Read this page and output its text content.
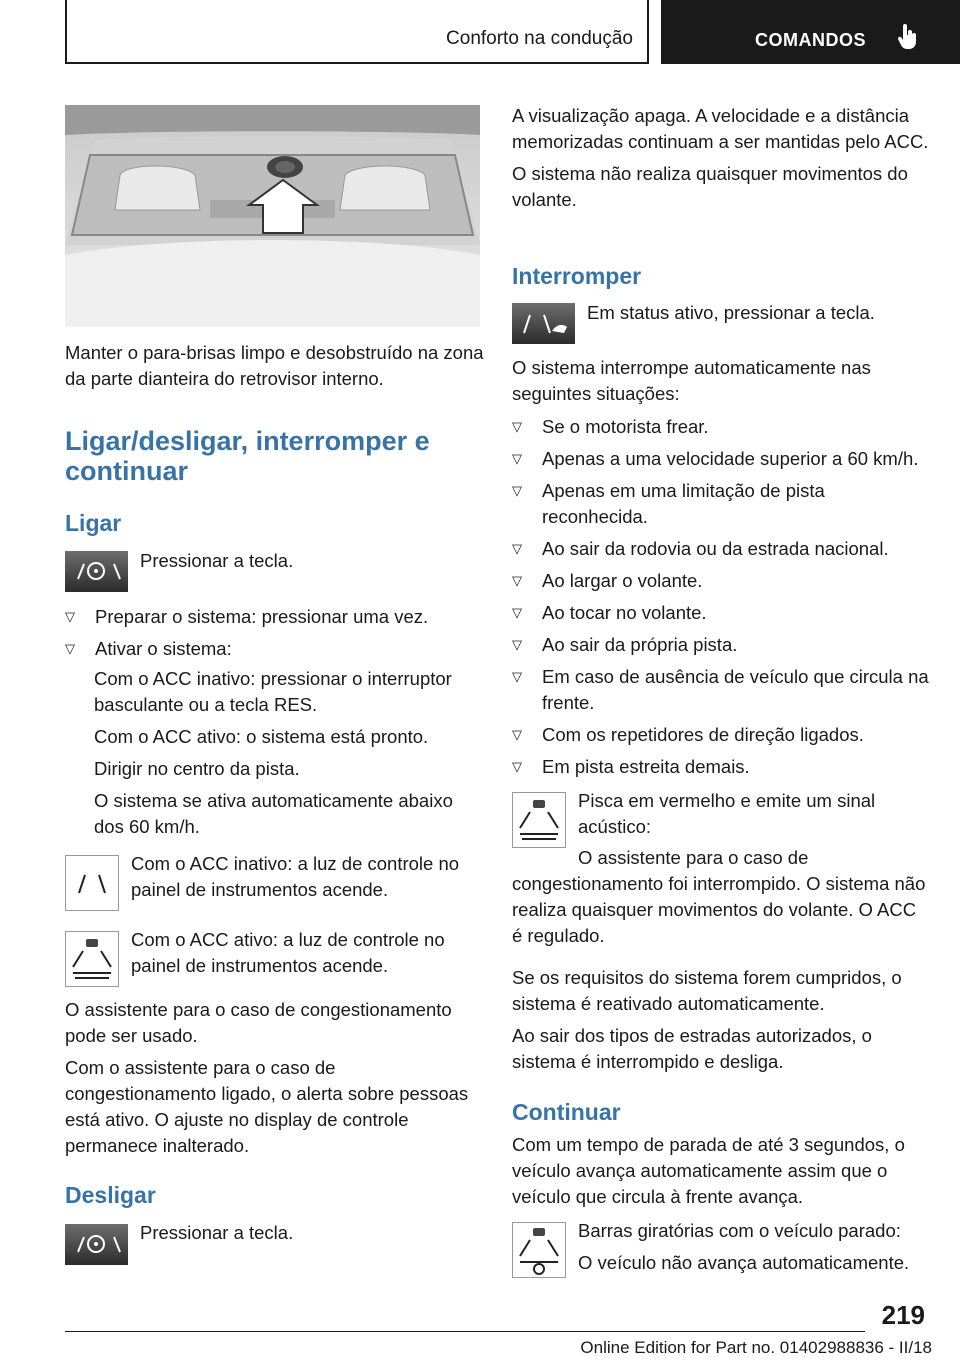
Conforto na condução	COMANDOS

Manter o para-brisas limpo e desobstruído na zona da parte dianteira do retrovisor interno.

Ligar/desligar, interromper e
continuar
Ligar

Pressionar a tecla.

▽ Preparar o sistema: pressionar uma vez.
▽ Ativar o sistema:

Com o ACC inativo: pressionar o interruptor basculante ou a tecla RES.

Com o ACC ativo: o sistema está pronto.

Dirigir no centro da pista.

O sistema se ativa automaticamente abaixo dos 60 km/h.

Com o ACC inativo: a luz de controle no painel de instrumentos acende.

Com o ACC ativo: a luz de controle no painel de instrumentos acende.

O assistente para o caso de congestionamento pode ser usado.

Com o assistente para o caso de congestionamento ligado, o alerta sobre pessoas está ativo. O ajuste no display de controle permanece inalterado.

Desligar

Pressionar a tecla.

A visualização apaga. A velocidade e a distância memorizadas continuam a ser mantidas pelo ACC.

O sistema não realiza quaisquer movimentos do volante.

Interromper

Em status ativo, pressionar a tecla.

O sistema interrompe automaticamente nas seguintes situações:

▽ Se o motorista frear.
▽ Apenas a uma velocidade superior a 60 km/h.
▽ Apenas em uma limitação de pista reconhecida.
▽ Ao sair da rodovia ou da estrada nacional.
▽ Ao largar o volante.
▽ Ao tocar no volante.
▽ Ao sair da própria pista.
▽ Em caso de ausência de veículo que circula na frente.
▽ Com os repetidores de direção ligados.
▽ Em pista estreita demais.

Pisca em vermelho e emite um sinal acústico:

O assistente para o caso de congestionamento foi interrompido. O sistema não realiza quaisquer movimentos do volante. O ACC é regulado.

Se os requisitos do sistema forem cumpridos, o sistema é reativado automaticamente.

Ao sair dos tipos de estradas autorizados, o sistema é interrompido e desliga.

Continuar

Com um tempo de parada de até 3 segundos, o veículo avança automaticamente assim que o veículo que circula à frente avança.

Barras giratórias com o veículo parado:

O veículo não avança automaticamente.

219
Online Edition for Part no. 01402988836 - II/18
